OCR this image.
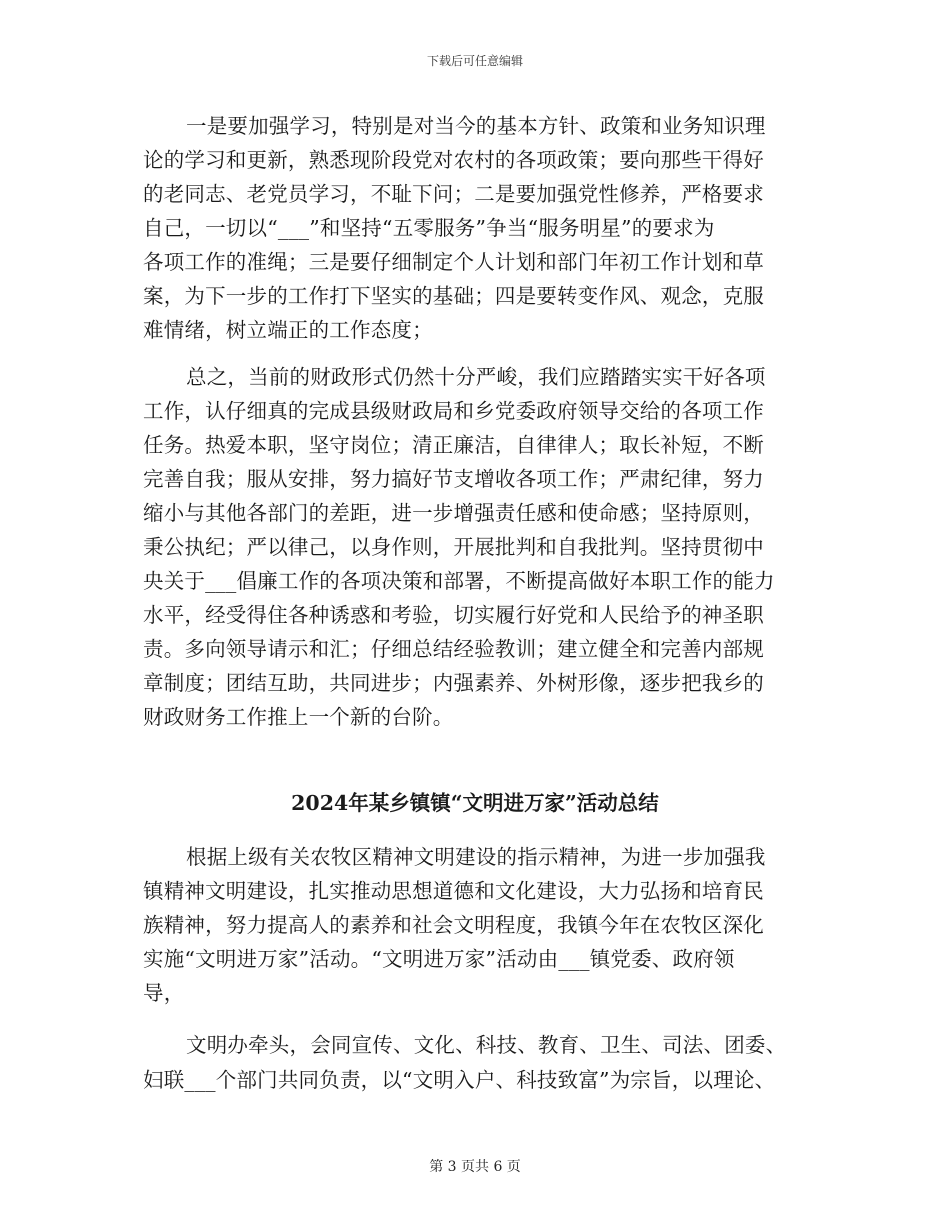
下载后可任意编辑
一是要加强学习，特别是对当今的基本方针、政策和业务知识理
论的学习和更新，熟悉现阶段党对农村的各项政策；要向那些干得好
的老同志、老党员学习，不耻下问；二是要加强党性修养，严格要求
自己，一切以“___”和坚持“五零服务”争当“服务明星”的要求为
各项工作的准绳；三是要仔细制定个人计划和部门年初工作计划和草
案，为下一步的工作打下坚实的基础；四是要转变作风、观念，克服
难情绪，树立端正的工作态度；
总之，当前的财政形式仍然十分严峻，我们应踏踏实实干好各项
工作，认仔细真的完成县级财政局和乡党委政府领导交给的各项工作
任务。热爱本职，坚守岗位；清正廉洁，自律律人；取长补短，不断
完善自我；服从安排，努力搞好节支增收各项工作；严肃纪律，努力
缩小与其他各部门的差距，进一步增强责任感和使命感；坚持原则，
秉公执纪；严以律己，以身作则，开展批判和自我批判。坚持贯彻中
央关于___倡廉工作的各项决策和部署，不断提高做好本职工作的能力
水平，经受得住各种诱惑和考验，切实履行好党和人民给予的神圣职
责。多向领导请示和汇；仔细总结经验教训；建立健全和完善内部规
章制度；团结互助，共同进步；内强素养、外树形像，逐步把我乡的
财政财务工作推上一个新的台阶。
2024年某乡镇镇“文明进万家”活动总结
根据上级有关农牧区精神文明建设的指示精神，为进一步加强我
镇精神文明建设，扎实推动思想道德和文化建设，大力弘扬和培育民
族精神，努力提高人的素养和社会文明程度，我镇今年在农牧区深化
实施“文明进万家”活动。“文明进万家”活动由___镇党委、政府领
导，
文明办牵头，会同宣传、文化、科技、教育、卫生、司法、团委、
妇联___个部门共同负责，以“文明入户、科技致富”为宗旨，以理论、
第 3 页共 6 页
